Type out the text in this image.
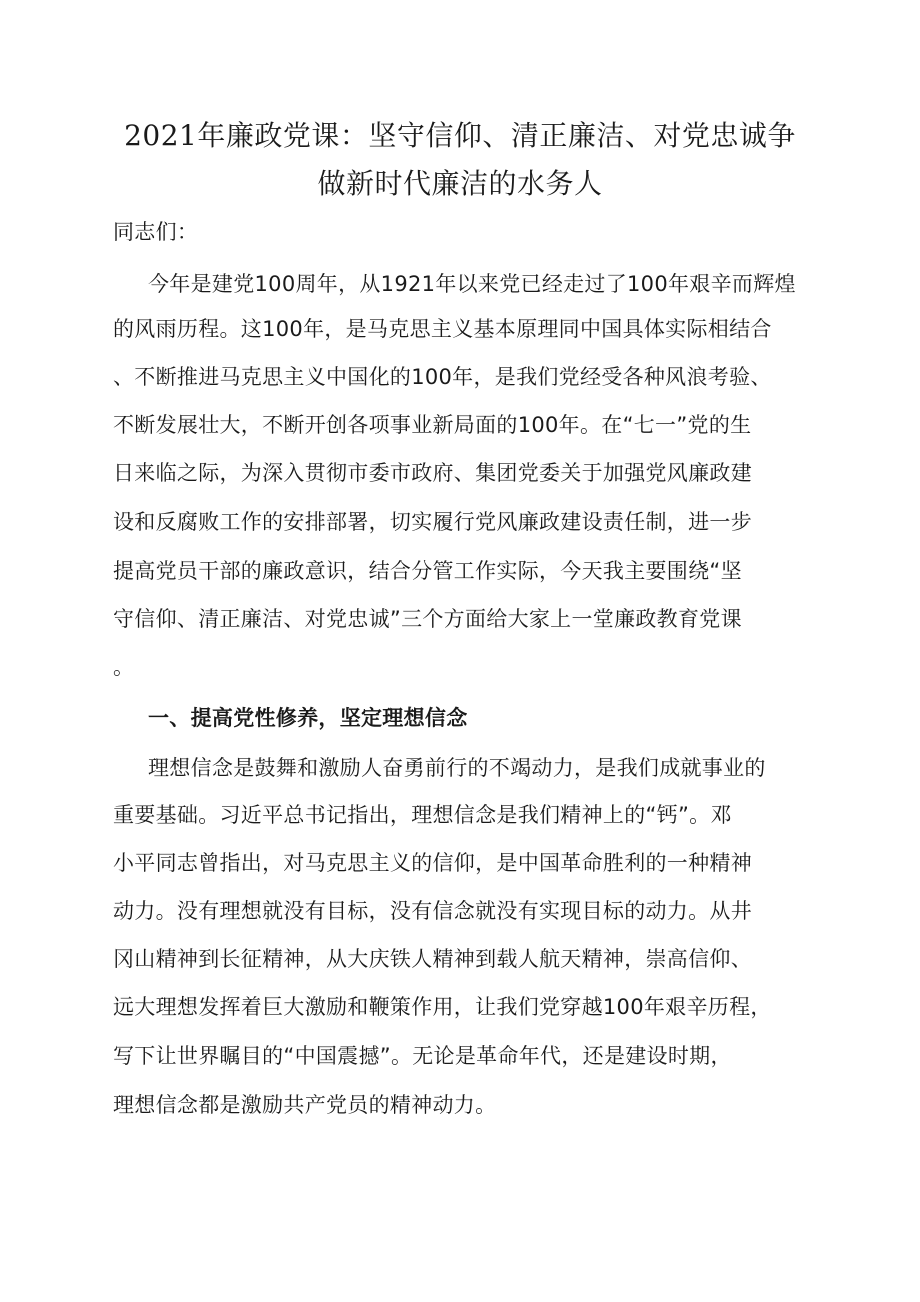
2021年廉政党课：坚守信仰、清正廉洁、对党忠诚争做新时代廉洁的水务人
同志们：
今年是建党100周年，从1921年以来党已经走过了100年艰辛而辉煌
的风雨历程。这100年，是马克思主义基本原理同中国具体实际相结合
、不断推进马克思主义中国化的100年，是我们党经受各种风浪考验、
不断发展壮大，不断开创各项事业新局面的100年。在“七一”党的生
日来临之际，为深入贯彻市委市政府、集团党委关于加强党风廉政建
设和反腐败工作的安排部署，切实履行党风廉政建设责任制，进一步
提高党员干部的廉政意识，结合分管工作实际，今天我主要围绕“坚
守信仰、清正廉洁、对党忠诚”三个方面给大家上一堂廉政教育党课
。
一、提高党性修养，坚定理想信念
理想信念是鼓舞和激励人奋勇前行的不竭动力，是我们成就事业的
重要基础。习近平总书记指出，理想信念是我们精神上的“钙”。邓
小平同志曾指出，对马克思主义的信仰，是中国革命胜利的一种精神
动力。没有理想就没有目标，没有信念就没有实现目标的动力。从井
冈山精神到长征精神，从大庆铁人精神到载人航天精神，崇高信仰、
远大理想发挥着巨大激励和鞭策作用，让我们党穿越100年艰辛历程，
写下让世界瞩目的“中国震撼”。无论是革命年代，还是建设时期，
理想信念都是激励共产党员的精神动力。
